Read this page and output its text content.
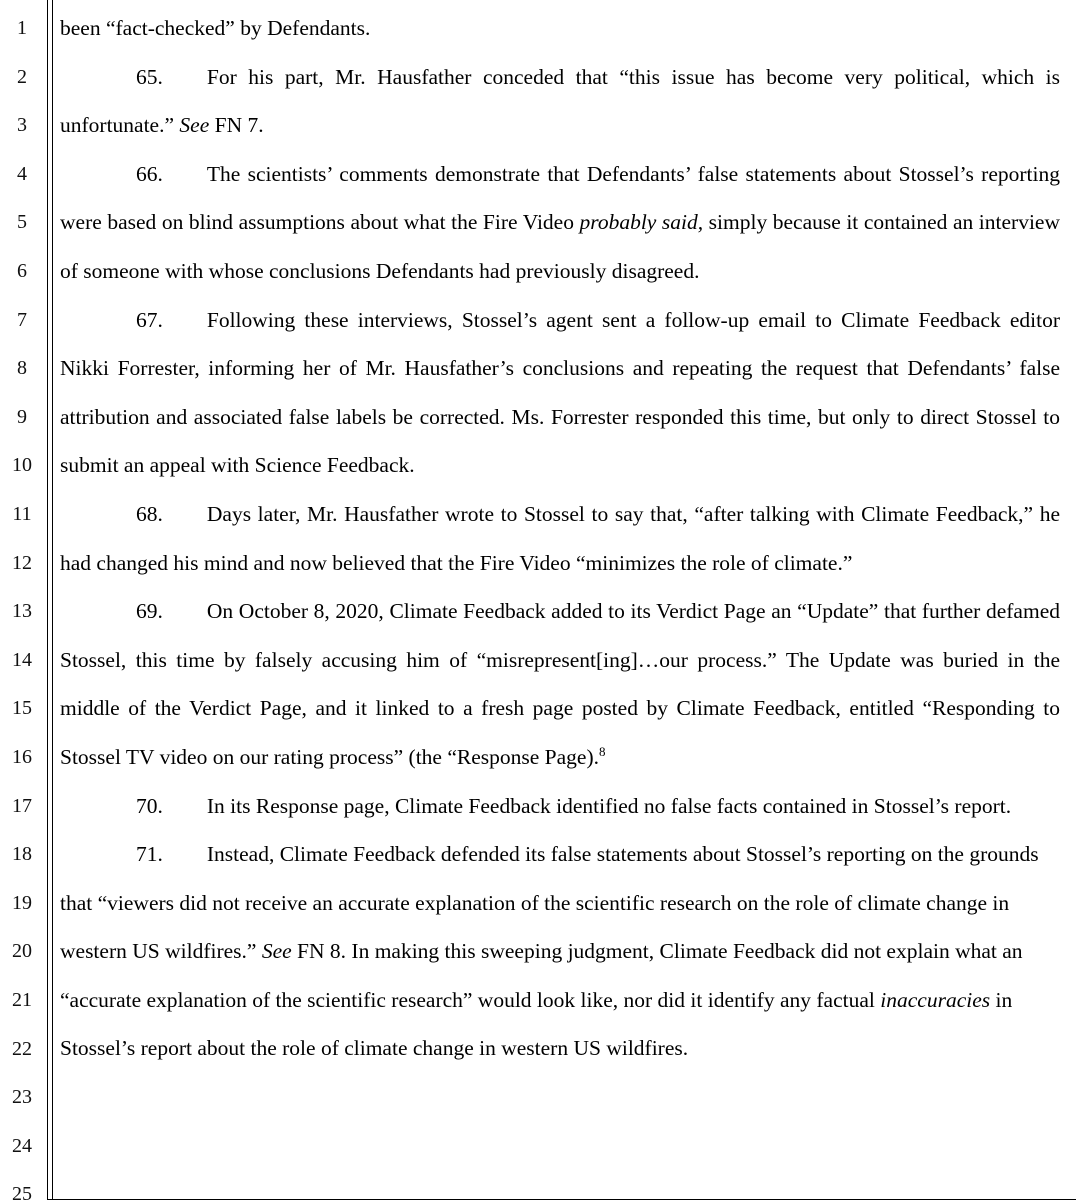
1
2
3
4
5
6
7
8
9
10
11
12
13
14
15
16
17
18
19
20
21
22
23
24
25

been “fact-checked” by Defendants.

65. For his part, Mr. Hausfather conceded that “this issue has become very political, which is unfortunate.” See FN 7.

66. The scientists’ comments demonstrate that Defendants’ false statements about Stossel’s reporting were based on blind assumptions about what the Fire Video probably said, simply because it contained an interview of someone with whose conclusions Defendants had previously disagreed.

67. Following these interviews, Stossel’s agent sent a follow-up email to Climate Feedback editor Nikki Forrester, informing her of Mr. Hausfather’s conclusions and repeating the request that Defendants’ false attribution and associated false labels be corrected. Ms. Forrester responded this time, but only to direct Stossel to submit an appeal with Science Feedback.

68. Days later, Mr. Hausfather wrote to Stossel to say that, “after talking with Climate Feedback,” he had changed his mind and now believed that the Fire Video “minimizes the role of climate.”

69. On October 8, 2020, Climate Feedback added to its Verdict Page an “Update” that further defamed Stossel, this time by falsely accusing him of “misrepresent[ing]…our process.” The Update was buried in the middle of the Verdict Page, and it linked to a fresh page posted by Climate Feedback, entitled “Responding to Stossel TV video on our rating process” (the “Response Page).$^8$

70. In its Response page, Climate Feedback identified no false facts contained in Stossel’s report.

71. Instead, Climate Feedback defended its false statements about Stossel’s reporting on the grounds that “viewers did not receive an accurate explanation of the scientific research on the role of climate change in western US wildfires.” See FN 8. In making this sweeping judgment, Climate Feedback did not explain what an “accurate explanation of the scientific research” would look like, nor did it identify any factual inaccuracies in Stossel’s report about the role of climate change in western US wildfires.
